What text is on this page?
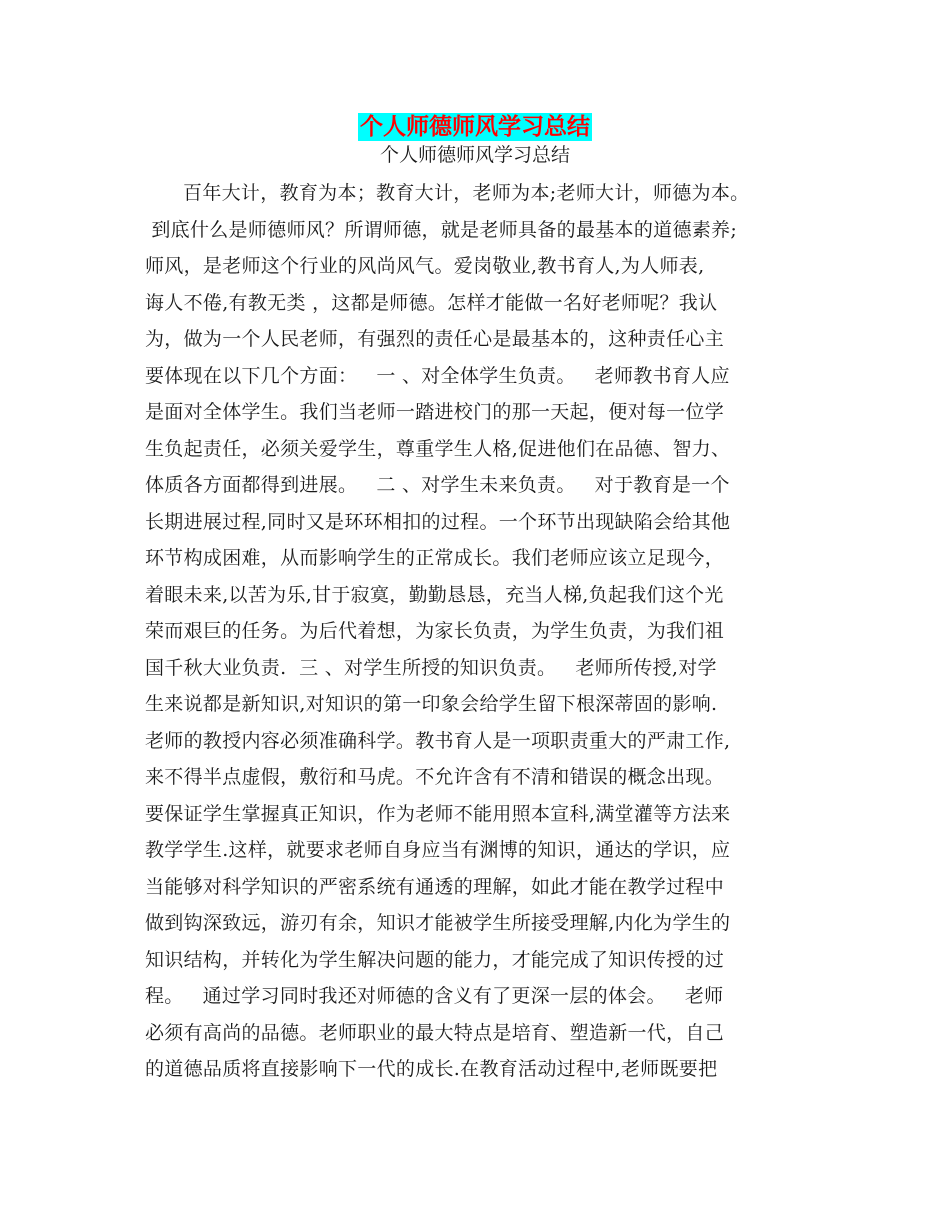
个人师德师风学习总结
个人师德师风学习总结
百年大计，教育为本；教育大计，老师为本;老师大计，师德为本。
到底什么是师德师风？所谓师德，就是老师具备的最基本的道德素养;
师风，是老师这个行业的风尚风气。爱岗敬业,教书育人,为人师表,
诲人不倦,有教无类 ，这都是师德。怎样才能做一名好老师呢？我认
为，做为一个人民老师，有强烈的责任心是最基本的，这种责任心主
要体现在以下几个方面：   一 、对全体学生负责。   老师教书育人应
是面对全体学生。我们当老师一踏进校门的那一天起，便对每一位学
生负起责任，必须关爱学生，尊重学生人格,促进他们在品德、智力、
体质各方面都得到进展。   二 、对学生未来负责。   对于教育是一个
长期进展过程,同时又是环环相扣的过程。一个环节出现缺陷会给其他
环节构成困难，从而影响学生的正常成长。我们老师应该立足现今，
着眼未来,以苦为乐,甘于寂寞，勤勤恳恳，充当人梯,负起我们这个光
荣而艰巨的任务。为后代着想，为家长负责，为学生负责，为我们祖
国千秋大业负责.  三 、对学生所授的知识负责。   老师所传授,对学
生来说都是新知识,对知识的第一印象会给学生留下根深蒂固的影响.
老师的教授内容必须准确科学。教书育人是一项职责重大的严肃工作,
来不得半点虚假，敷衍和马虎。不允许含有不清和错误的概念出现。
要保证学生掌握真正知识，作为老师不能用照本宣科,满堂灌等方法来
教学学生.这样，就要求老师自身应当有渊博的知识，通达的学识，应
当能够对科学知识的严密系统有通透的理解，如此才能在教学过程中
做到钩深致远，游刃有余，知识才能被学生所接受理解,内化为学生的
知识结构，并转化为学生解决问题的能力，才能完成了知识传授的过
程。   通过学习同时我还对师德的含义有了更深一层的体会。   老师
必须有高尚的品德。老师职业的最大特点是培育、塑造新一代，自己
的道德品质将直接影响下一代的成长.在教育活动过程中,老师既要把
